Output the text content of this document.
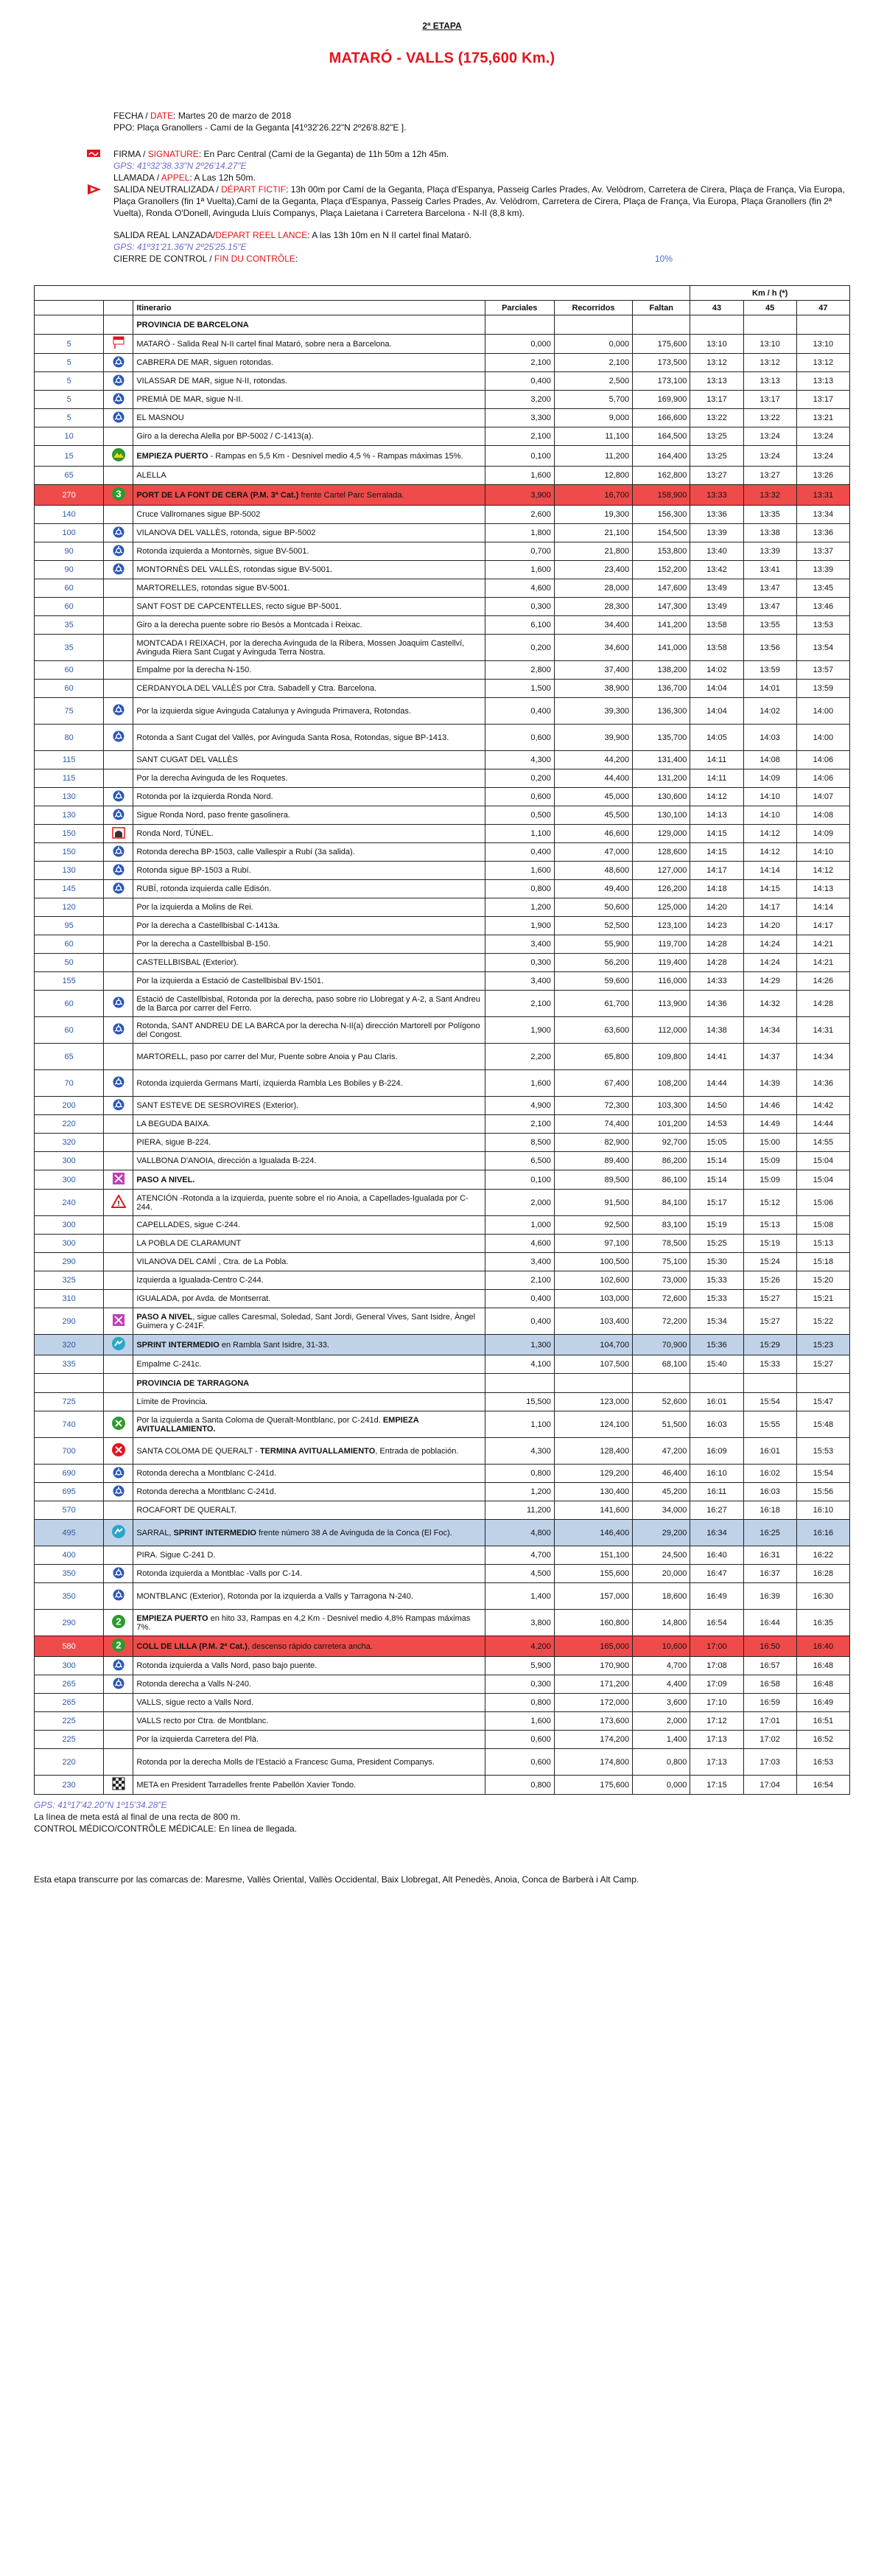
2ª ETAPA
MATARÓ - VALLS (175,600 Km.)
FECHA / DATE: Martes 20 de marzo de 2018
PPO: Plaça Granollers - Camí de la Geganta [41º32'26.22"N 2º26'8.82"E ].
FIRMA / SIGNATURE: En Parc Central (Camí de la Geganta) de 11h 50m a 12h 45m.
GPS: 41º32'38.33"N 2º26'14.27"E
LLAMADA / APPEL: A Las 12h 50m.
SALIDA NEUTRALIZADA / DÉPART FICTIF: 13h 00m por Camí de la Geganta, Plaça d'Espanya, Passeig Carles Prades, Av. Velòdrom, Carretera de Cirera, Plaça de França, Via Europa, Plaça Granollers (fin 1ª Vuelta),Camí de la Geganta, Plaça d'Espanya, Passeig Carles Prades, Av. Velòdrom, Carretera de Cirera, Plaça de França, Via Europa, Plaça Granollers (fin 2ª Vuelta), Ronda O'Donell, Avinguda Lluís Companys, Plaça Laietana i Carretera Barcelona - N-II (8,8 km).
SALIDA REAL LANZADA/DEPART REEL LANCE: A las 13h 10m en N II cartel final Mataró.
GPS: 41º31'21.36"N 2º25'25.15"E
CIERRE DE CONTROL / FIN DU CONTRÔLE:	10%
						Km / h (*)		
		Itinerario	Parciales	Recorridos	Faltan	43	45	47
		PROVINCIA DE BARCELONA						
5		MATARÓ - Salida Real N-II cartel final Mataró, sobre nera a Barcelona.	0,000	0,000	175,600	13:10	13:10	13:10
5		CABRERA DE MAR, siguen rotondas.	2,100	2,100	173,500	13:12	13:12	13:12
5		VILASSAR DE MAR, sigue N-II, rotondas.	0,400	2,500	173,100	13:13	13:13	13:13
5		PREMIÀ DE MAR, sigue N-II.	3,200	5,700	169,900	13:17	13:17	13:17
5		EL MASNOU	3,300	9,000	166,600	13:22	13:22	13:21
10		Giro a la derecha Alella por BP-5002 / C-1413(a).	2,100	11,100	164,500	13:25	13:24	13:24
15		EMPIEZA PUERTO - Rampas en 5,5 Km - Desnivel medio 4,5 % - Rampas máximas 15%.	0,100	11,200	164,400	13:25	13:24	13:24
65		ALELLA	1,600	12,800	162,800	13:27	13:27	13:26
270	3	PORT DE LA FONT DE CERA (P.M. 3ª Cat.) frente Cartel Parc Serralada.	3,900	16,700	158,900	13:33	13:32	13:31
140		Cruce Vallromanes sigue BP-5002	2,600	19,300	156,300	13:36	13:35	13:34
100		VILANOVA DEL VALLÈS, rotonda, sigue BP-5002	1,800	21,100	154,500	13:39	13:38	13:36
90		Rotonda izquierda a Montornès, sigue BV-5001.	0,700	21,800	153,800	13:40	13:39	13:37
90		MONTORNÈS DEL VALLÈS, rotondas sigue BV-5001.	1,600	23,400	152,200	13:42	13:41	13:39
60		MARTORELLES, rotondas sigue BV-5001.	4,600	28,000	147,600	13:49	13:47	13:45
60		SANT FOST DE CAPCENTELLES, recto sigue BP-5001.	0,300	28,300	147,300	13:49	13:47	13:46
35		Giro a la derecha puente sobre rio Besòs a Montcada i Reixac.	6,100	34,400	141,200	13:58	13:55	13:53
35		MONTCADA I REIXACH, por la derecha Avinguda de la Ribera, Mossen Joaquim Castellví, Avinguda Riera Sant Cugat y Avinguda Terra Nostra.	0,200	34,600	141,000	13:58	13:56	13:54
60		Empalme por la derecha N-150.	2,800	37,400	138,200	14:02	13:59	13:57
60		CERDANYOLA DEL VALLÈS por Ctra. Sabadell y Ctra. Barcelona.	1,500	38,900	136,700	14:04	14:01	13:59
75		Por la izquierda sigue Avinguda Catalunya y Avinguda Primavera, Rotondas.	0,400	39,300	136,300	14:04	14:02	14:00
80		Rotonda a Sant Cugat del Vallès, por Avinguda Santa Rosa, Rotondas, sigue BP-1413.	0,600	39,900	135,700	14:05	14:03	14:00
115		SANT CUGAT DEL VALLÈS	4,300	44,200	131,400	14:11	14:08	14:06
115		Por la derecha Avinguda de les Roquetes.	0,200	44,400	131,200	14:11	14:09	14:06
130		Rotonda por la izquierda Ronda Nord.	0,600	45,000	130,600	14:12	14:10	14:07
130		Sigue Ronda Nord, paso frente gasolinera.	0,500	45,500	130,100	14:13	14:10	14:08
150		Ronda Nord, TÚNEL.	1,100	46,600	129,000	14:15	14:12	14:09
150		Rotonda derecha BP-1503, calle Vallespir a Rubí (3a salida).	0,400	47,000	128,600	14:15	14:12	14:10
130		Rotonda sigue BP-1503 a Rubí.	1,600	48,600	127,000	14:17	14:14	14:12
145		RUBÍ, rotonda izquierda calle Edisón.	0,800	49,400	126,200	14:18	14:15	14:13
120		Por la izquierda a Molins de Rei.	1,200	50,600	125,000	14:20	14:17	14:14
95		Por la derecha a Castellbisbal C-1413a.	1,900	52,500	123,100	14:23	14:20	14:17
60		Por la derecha a Castellbisbal B-150.	3,400	55,900	119,700	14:28	14:24	14:21
50		CASTELLBISBAL (Exterior).	0,300	56,200	119,400	14:28	14:24	14:21
155		Por la izquierda a Estació de Castellbisbal BV-1501.	3,400	59,600	116,000	14:33	14:29	14:26
60		Estació de Castellbisbal, Rotonda por la derecha, paso sobre rio Llobregat y A-2, a Sant Andreu de la Barca por carrer del Ferro.	2,100	61,700	113,900	14:36	14:32	14:28
60		Rotonda, SANT ANDREU DE LA BARCA por la derecha N-II(a) dirección Martorell por Polígono del Congost.	1,900	63,600	112,000	14:38	14:34	14:31
65		MARTORELL, paso por carrer del Mur, Puente sobre Anoia y Pau Claris.	2,200	65,800	109,800	14:41	14:37	14:34
70		Rotonda izquierda Germans Martí, izquierda Rambla Les Bobiles y B-224.	1,600	67,400	108,200	14:44	14:39	14:36
200		SANT ESTEVE DE SESROVIRES (Exterior).	4,900	72,300	103,300	14:50	14:46	14:42
220		LA BEGUDA BAIXA.	2,100	74,400	101,200	14:53	14:49	14:44
320		PIERA, sigue B-224.	8,500	82,900	92,700	15:05	15:00	14:55
300		VALLBONA D'ANOIA, dirección a Igualada B-224.	6,500	89,400	86,200	15:14	15:09	15:04
300		PASO A NIVEL.	0,100	89,500	86,100	15:14	15:09	15:04
240	!	ATENCIÓN -Rotonda a la izquierda, puente sobre el rio Anoia, a Capellades-Igualada por C-244.	2,000	91,500	84,100	15:17	15:12	15:06
300		CAPELLADES, sigue C-244.	1,000	92,500	83,100	15:19	15:13	15:08
300		LA POBLA DE CLARAMUNT	4,600	97,100	78,500	15:25	15:19	15:13
290		VILANOVA DEL CAMÍ , Ctra. de La Pobla.	3,400	100,500	75,100	15:30	15:24	15:18
325		Izquierda a Igualada-Centro C-244.	2,100	102,600	73,000	15:33	15:26	15:20
310		IGUALADA, por Avda. de Montserrat.	0,400	103,000	72,600	15:33	15:27	15:21
290		PASO A NIVEL, sigue calles Caresmal, Soledad, Sant Jordi, General Vives, Sant Isidre, Àngel Guimera y C-241F.	0,400	103,400	72,200	15:34	15:27	15:22
320		SPRINT INTERMEDIO en Rambla Sant Isidre, 31-33.	1,300	104,700	70,900	15:36	15:29	15:23
335		Empalme C-241c.	4,100	107,500	68,100	15:40	15:33	15:27
		PROVINCIA DE TARRAGONA						
725		Límite de Provincia.	15,500	123,000	52,600	16:01	15:54	15:47
740		Por la izquierda a Santa Coloma de Queralt-Montblanc, por C-241d. EMPIEZA AVITUALLAMIENTO.	1,100	124,100	51,500	16:03	15:55	15:48
700		SANTA COLOMA DE QUERALT - TERMINA AVITUALLAMIENTO, Entrada de población.	4,300	128,400	47,200	16:09	16:01	15:53
690		Rotonda derecha a Montblanc C-241d.	0,800	129,200	46,400	16:10	16:02	15:54
695		Rotonda derecha a Montblanc C-241d.	1,200	130,400	45,200	16:11	16:03	15:56
570		ROCAFORT DE QUERALT.	11,200	141,600	34,000	16:27	16:18	16:10
495		SARRAL, SPRINT INTERMEDIO frente número 38 A de Avinguda de la Conca (El Foc).	4,800	146,400	29,200	16:34	16:25	16:16
400		PIRA. Sigue C-241 D.	4,700	151,100	24,500	16:40	16:31	16:22
350		Rotonda izquierda a Montblac -Valls por C-14.	4,500	155,600	20,000	16:47	16:37	16:28
350		MONTBLANC (Exterior), Rotonda por la izquierda a Valls y Tarragona N-240.	1,400	157,000	18,600	16:49	16:39	16:30
290	2	EMPIEZA PUERTO en hito 33, Rampas en 4,2 Km - Desnivel medio 4,8% Rampas máximas 7%.	3,800	160,800	14,800	16:54	16:44	16:35
580	2	COLL DE LILLA (P.M. 2ª Cat.), descenso rápido carretera ancha.	4,200	165,000	10,600	17:00	16:50	16:40
300		Rotonda izquierda a Valls Nord, paso bajo puente.	5,900	170,900	4,700	17:08	16:57	16:48
265		Rotonda derecha a Valls N-240.	0,300	171,200	4,400	17:09	16:58	16:48
265		VALLS, sigue recto a Valls Nord.	0,800	172,000	3,600	17:10	16:59	16:49
225		VALLS recto por Ctra. de Montblanc.	1,600	173,600	2,000	17:12	17:01	16:51
225		Por la izquierda Carretera del Plà.	0,600	174,200	1,400	17:13	17:02	16:52
220		Rotonda por la derecha Molls de l'Estació a Francesc Guma, President Companys.	0,600	174,800	0,800	17:13	17:03	16:53
230		META en President Tarradelles frente Pabellón Xavier Tondo.	0,800	175,600	0,000	17:15	17:04	16:54
GPS: 41º17'42.20"N 1º15'34.28"E
La línea de meta está al final de una recta de 800 m.
CONTROL MÉDICO/CONTRÔLE MÉDICALE: En línea de llegada.
Esta etapa transcurre por las comarcas de: Maresme, Vallès Oriental, Vallès Occidental, Baix Llobregat, Alt Penedès, Anoia, Conca de Barberà i Alt Camp.
